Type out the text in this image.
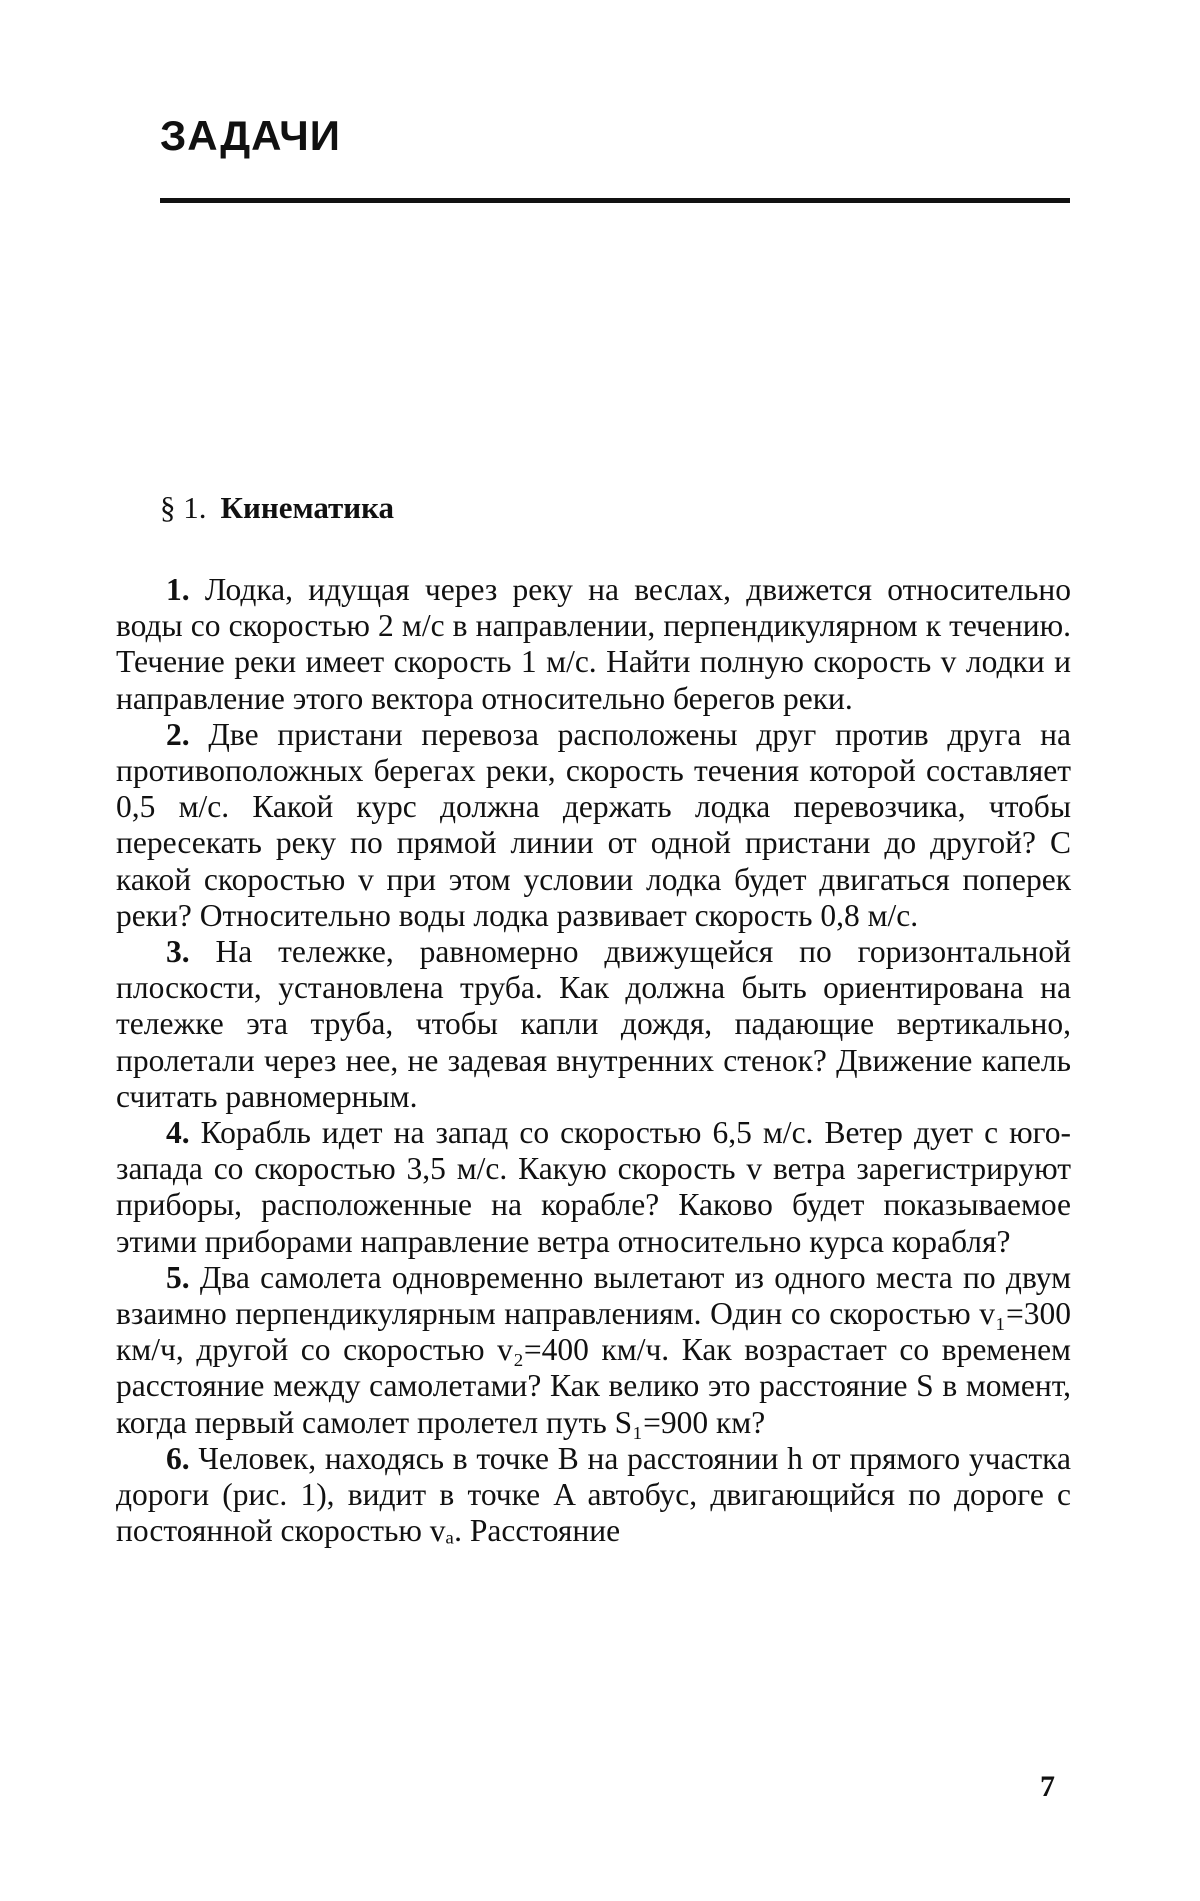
ЗАДАЧИ
§ 1. Кинематика

1. Лодка, идущая через реку на веслах, движется относительно воды со скоростью 2 м/с в направлении, перпендикулярном к течению. Течение реки имеет скорость 1 м/с. Найти полную скорость v лодки и направление этого вектора относительно берегов реки.

2. Две пристани перевоза расположены друг против друга на противоположных берегах реки, скорость течения которой составляет 0,5 м/с. Какой курс должна держать лодка перевозчика, чтобы пересекать реку по прямой линии от одной пристани до другой? С какой скоростью v при этом условии лодка будет двигаться поперек реки? Относительно воды лодка развивает скорость 0,8 м/с.

3. На тележке, равномерно движущейся по горизонтальной плоскости, установлена труба. Как должна быть ориентирована на тележке эта труба, чтобы капли дождя, падающие вертикально, пролетали через нее, не задевая внутренних стенок? Движение капель считать равномерным.

4. Корабль идет на запад со скоростью 6,5 м/с. Ветер дует с юго-запада со скоростью 3,5 м/с. Какую скорость v ветра зарегистрируют приборы, расположенные на корабле? Каково будет показываемое этими приборами направление ветра относительно курса корабля?

5. Два самолета одновременно вылетают из одного места по двум взаимно перпендикулярным направлениям. Один со скоростью v₁=300 км/ч, другой со скоростью v₂=400 км/ч. Как возрастает со временем расстояние между самолетами? Как велико это расстояние S в момент, когда первый самолет пролетел путь S₁=900 км?

6. Человек, находясь в точке B на расстоянии h от прямого участка дороги (рис. 1), видит в точке A автобус, двигающийся по дороге с постоянной скоростью vₐ. Расстояние

7
